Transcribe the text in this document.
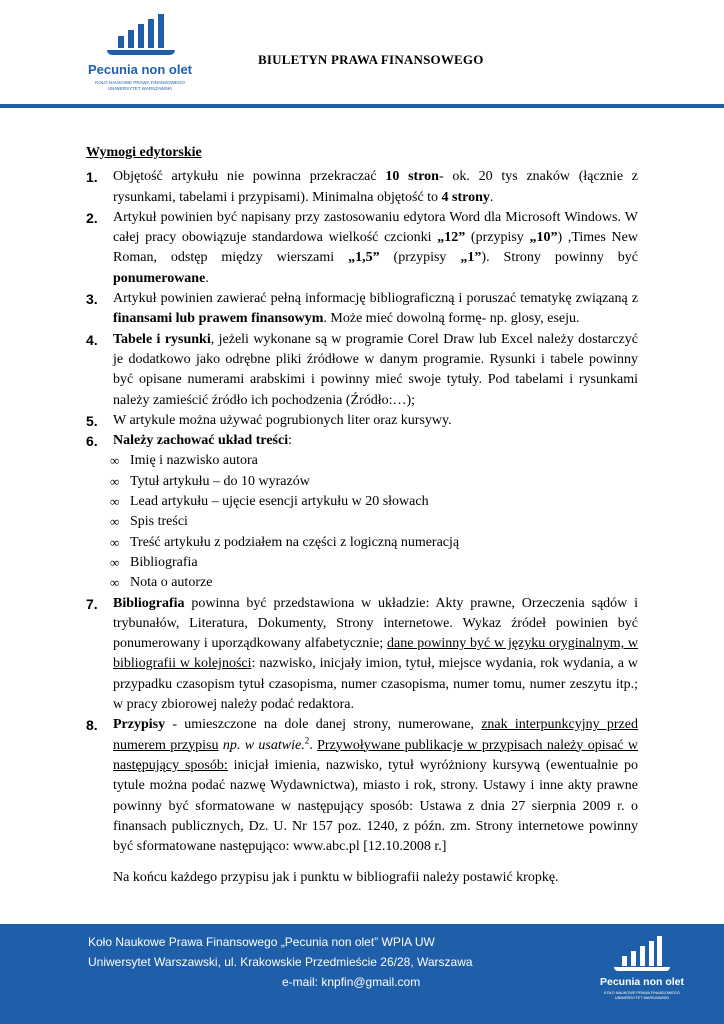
Pecunia non olet
KOŁO NAUKOWE PRAWA FINANSOWEGO
UNIWERSYTET WARSZAWSKI
BIULETYN PRAWA FINANSOWEGO
Wymogi edytorskie
1. Objętość artykułu nie powinna przekraczać 10 stron- ok. 20 tys znaków (łącznie z rysunkami, tabelami i przypisami). Minimalna objętość to 4 strony.
2. Artykuł powinien być napisany przy zastosowaniu edytora Word dla Microsoft Windows. W całej pracy obowiązuje standardowa wielkość czcionki „12” (przypisy „10”) ,Times New Roman, odstęp między wierszami „1,5” (przypisy „1”). Strony powinny być ponumerowane.
3. Artykuł powinien zawierać pełną informację bibliograficzną i poruszać tematykę związaną z finansami lub prawem finansowym. Może mieć dowolną formę- np. glosy, eseju.
4. Tabele i rysunki, jeżeli wykonane są w programie Corel Draw lub Excel należy dostarczyć je dodatkowo jako odrębne pliki źródłowe w danym programie. Rysunki i tabele powinny być opisane numerami arabskimi i powinny mieć swoje tytuły. Pod tabelami i rysunkami należy zamieścić źródło ich pochodzenia (Źródło:…);
5. W artykule można używać pogrubionych liter oraz kursywy.
6. Należy zachować układ treści:
∞ Imię i nazwisko autora
∞ Tytuł artykułu – do 10 wyrazów
∞ Lead artykułu – ujęcie esencji artykułu w 20 słowach
∞ Spis treści
∞ Treść artykułu z podziałem na części z logiczną numeracją
∞ Bibliografia
∞ Nota o autorze
7. Bibliografia powinna być przedstawiona w układzie: Akty prawne, Orzeczenia sądów i trybunałów, Literatura, Dokumenty, Strony internetowe. Wykaz źródeł powinien być ponumerowany i uporządkowany alfabetycznie; dane powinny być w języku oryginalnym, w bibliografii w kolejności: nazwisko, inicjały imion, tytuł, miejsce wydania, rok wydania, a w przypadku czasopism tytuł czasopisma, numer czasopisma, numer tomu, numer zeszytu itp.; w pracy zbiorowej należy podać redaktora.
8. Przypisy - umieszczone na dole danej strony, numerowane, znak interpunkcyjny przed numerem przypisu np. w usatwie.$^2$. Przywoływane publikacje w przypisach należy opisać w następujący sposób: inicjał imienia, nazwisko, tytuł wyróżniony kursywą (ewentualnie po tytule można podać nazwę Wydawnictwa), miasto i rok, strony. Ustawy i inne akty prawne powinny być sformatowane w następujący sposób: Ustawa z dnia 27 sierpnia 2009 r. o finansach publicznych, Dz. U. Nr 157 poz. 1240, z późn. zm. Strony internetowe powinny być sformatowane następująco: www.abc.pl [12.10.2008 r.]
Na końcu każdego przypisu jak i punktu w bibliografii należy postawić kropkę.
Koło Naukowe Prawa Finansowego „Pecunia non olet” WPIA UW
Uniwersytet Warszawski, ul. Krakowskie Przedmieście 26/28, Warszawa
e-mail: knpfin@gmail.com	Pecunia non olet
KOŁO NAUKOWE PRAWA FINANSOWEGO
UNIWERSYTET WARSZAWSKI
